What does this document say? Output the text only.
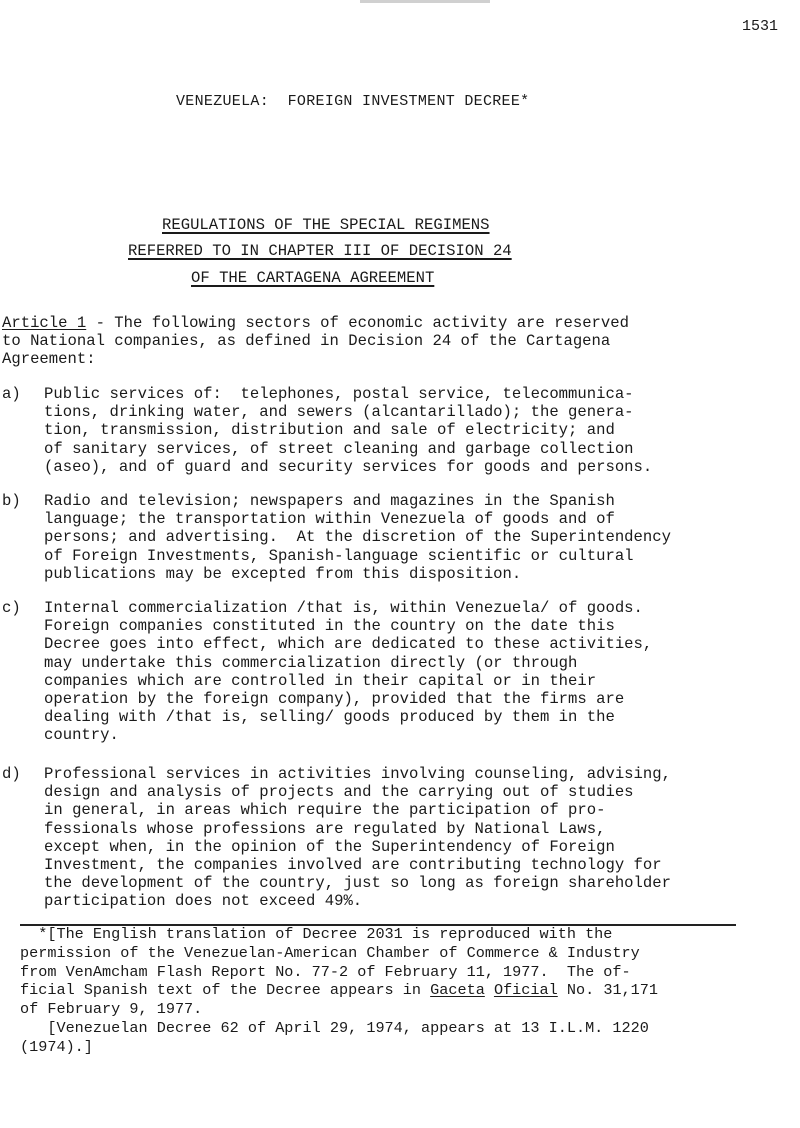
1531
VENEZUELA:  FOREIGN INVESTMENT DECREE*
REGULATIONS OF THE SPECIAL REGIMENS
REFERRED TO IN CHAPTER III OF DECISION 24
OF THE CARTAGENA AGREEMENT
Article 1 - The following sectors of economic activity are reserved
to National companies, as defined in Decision 24 of the Cartagena
Agreement:
a) Public services of:  telephones, postal service, telecommunica-
tions, drinking water, and sewers (alcantarillado); the genera-
tion, transmission, distribution and sale of electricity; and
of sanitary services, of street cleaning and garbage collection
(aseo), and of guard and security services for goods and persons.
b) Radio and television; newspapers and magazines in the Spanish
language; the transportation within Venezuela of goods and of
persons; and advertising.  At the discretion of the Superintendency
of Foreign Investments, Spanish-language scientific or cultural
publications may be excepted from this disposition.
c) Internal commercialization /that is, within Venezuela/ of goods.
Foreign companies constituted in the country on the date this
Decree goes into effect, which are dedicated to these activities,
may undertake this commercialization directly (or through
companies which are controlled in their capital or in their
operation by the foreign company), provided that the firms are
dealing with /that is, selling/ goods produced by them in the
country.
d) Professional services in activities involving counseling, advising,
design and analysis of projects and the carrying out of studies
in general, in areas which require the participation of pro-
fessionals whose professions are regulated by National Laws,
except when, in the opinion of the Superintendency of Foreign
Investment, the companies involved are contributing technology for
the development of the country, just so long as foreign shareholder
participation does not exceed 49%.
*[The English translation of Decree 2031 is reproduced with the
permission of the Venezuelan-American Chamber of Commerce & Industry
from VenAmcham Flash Report No. 77-2 of February 11, 1977.  The of-
ficial Spanish text of the Decree appears in Gaceta Oficial No. 31,171
of February 9, 1977.
[Venezuelan Decree 62 of April 29, 1974, appears at 13 I.L.M. 1220
(1974).]
